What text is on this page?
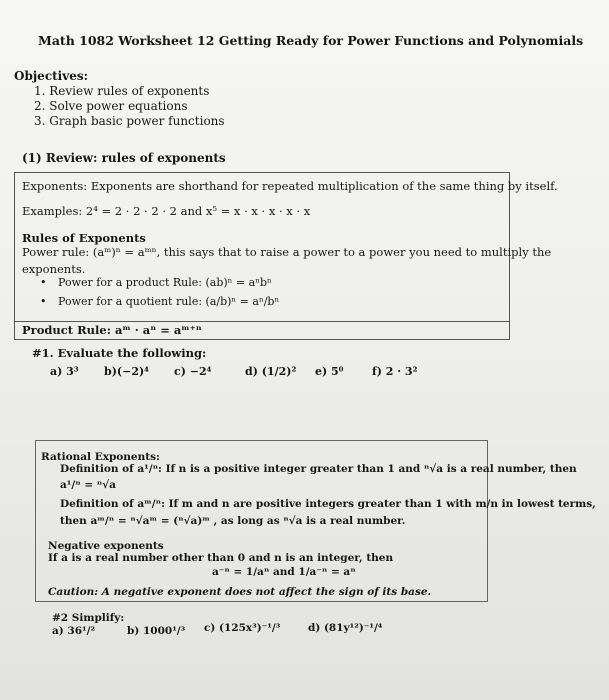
Math 1082 Worksheet 12 Getting Ready for Power Functions and Polynomials
Objectives:
1. Review rules of exponents
2. Solve power equations
3. Graph basic power functions
(1) Review: rules of exponents
Exponents: Exponents are shorthand for repeated multiplication of the same thing by itself.
Examples: 2⁴ = 2 · 2 · 2 · 2 and x⁵ = x · x · x · x · x
Rules of Exponents
Power rule: (aᵐ)ⁿ = aᵐⁿ, this says that to raise a power to a power you need to multiply the
exponents.
• Power for a product Rule: (ab)ⁿ = aⁿbⁿ
• Power for a quotient rule: (a/b)ⁿ = aⁿ/bⁿ
Product Rule: aᵐ · aⁿ = aᵐ⁺ⁿ
#1. Evaluate the following:
a) 3³ b)(−2)⁴ c) −2⁴	d) (1/2)² e) 5⁰	f) 2 · 3²
Rational Exponents:
Definition of a¹/ⁿ: If n is a positive integer greater than 1 and ⁿ√a is a real number, then
a¹/ⁿ = ⁿ√a
Definition of aᵐ/ⁿ: If m and n are positive integers greater than 1 with m/n in lowest terms,
then aᵐ/ⁿ = ⁿ√aᵐ = (ⁿ√a)ᵐ , as long as ⁿ√a is a real number.
Negative exponents
If a is a real number other than 0 and n is an integer, then
a⁻ⁿ = 1/aⁿ and 1/a⁻ⁿ = aⁿ
Caution: A negative exponent does not affect the sign of its base.
#2 Simplify:
a) 36¹/²	b) 1000¹/³ c) (125x³)⁻¹/³	d) (81y¹²)⁻¹/⁴
